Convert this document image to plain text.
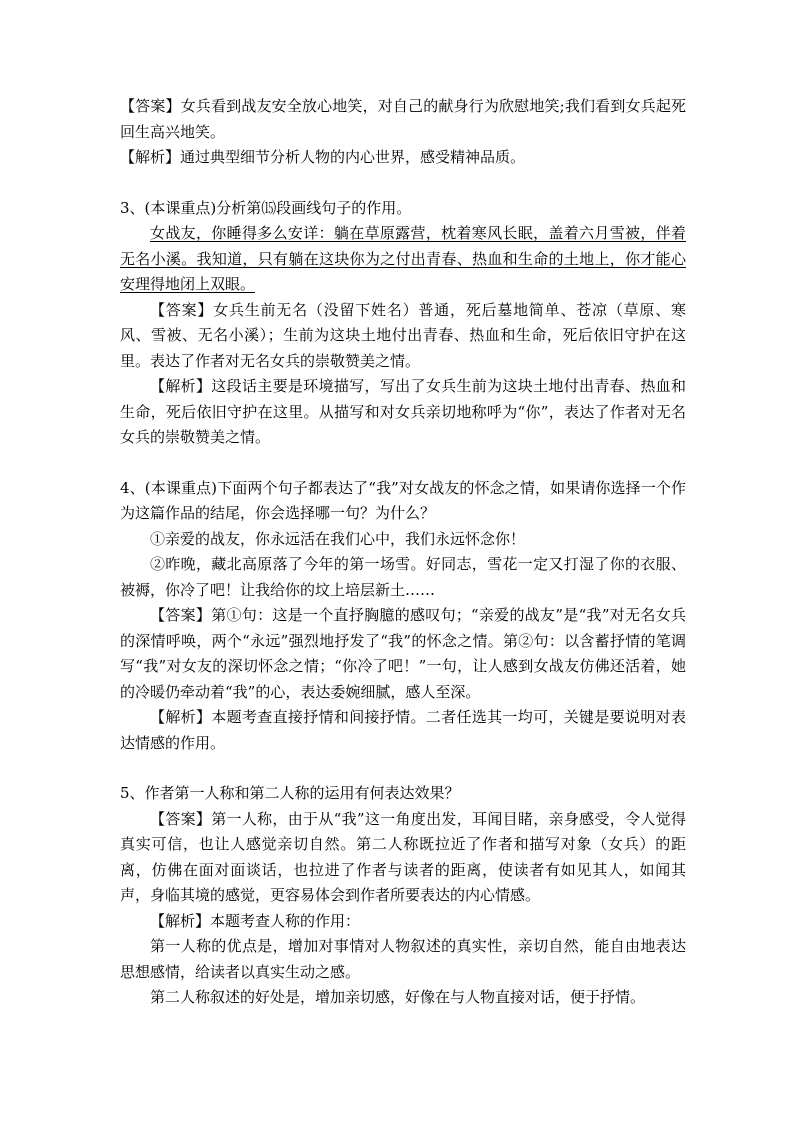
【答案】女兵看到战友安全放心地笑，对自己的献身行为欣慰地笑;我们看到女兵起死回生高兴地笑。

【解析】通过典型细节分析人物的内心世界，感受精神品质。

3、(本课重点)分析第⒂段画线句子的作用。

女战友，你睡得多么安详：躺在草原露营，枕着寒风长眠，盖着六月雪被，伴着无名小溪。我知道，只有躺在这块你为之付出青春、热血和生命的土地上，你才能心安理得地闭上双眼。

【答案】女兵生前无名（没留下姓名）普通，死后墓地简单、苍凉（草原、寒风、雪被、无名小溪）；生前为这块土地付出青春、热血和生命，死后依旧守护在这里。表达了作者对无名女兵的崇敬赞美之情。

【解析】这段话主要是环境描写，写出了女兵生前为这块土地付出青春、热血和生命，死后依旧守护在这里。从描写和对女兵亲切地称呼为“你”，表达了作者对无名女兵的崇敬赞美之情。

4、(本课重点)下面两个句子都表达了“我”对女战友的怀念之情，如果请你选择一个作为这篇作品的结尾，你会选择哪一句？为什么？

①亲爱的战友，你永远活在我们心中，我们永远怀念你！

②昨晚，藏北高原落了今年的第一场雪。好同志，雪花一定又打湿了你的衣服、被褥，你冷了吧！让我给你的坟上培层新土……

【答案】第①句：这是一个直抒胸臆的感叹句；“亲爱的战友”是“我”对无名女兵的深情呼唤，两个“永远”强烈地抒发了“我”的怀念之情。第②句：以含蓄抒情的笔调写“我”对女友的深切怀念之情；“你冷了吧！”一句，让人感到女战友仿佛还活着，她的冷暖仍牵动着“我”的心，表达委婉细腻，感人至深。

【解析】本题考查直接抒情和间接抒情。二者任选其一均可，关键是要说明对表达情感的作用。

5、作者第一人称和第二人称的运用有何表达效果？

【答案】第一人称，由于从“我”这一角度出发，耳闻目睹，亲身感受，令人觉得真实可信，也让人感觉亲切自然。第二人称既拉近了作者和描写对象（女兵）的距离，仿佛在面对面谈话，也拉进了作者与读者的距离，使读者有如见其人，如闻其声，身临其境的感觉，更容易体会到作者所要表达的内心情感。

【解析】本题考查人称的作用：

第一人称的优点是，增加对事情对人物叙述的真实性，亲切自然，能自由地表达思想感情，给读者以真实生动之感。

第二人称叙述的好处是，增加亲切感，好像在与人物直接对话，便于抒情。
